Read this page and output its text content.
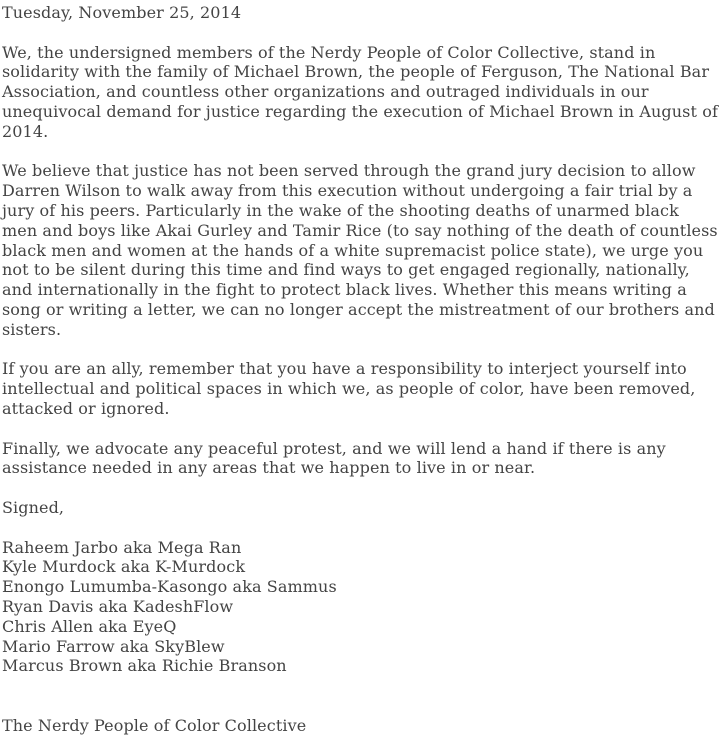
Tuesday, November 25, 2014

We, the undersigned members of the Nerdy People of Color Collective, stand in solidarity with the family of Michael Brown, the people of Ferguson, The National Bar Association, and countless other organizations and outraged individuals in our unequivocal demand for justice regarding the execution of Michael Brown in August of 2014.

We believe that justice has not been served through the grand jury decision to allow Darren Wilson to walk away from this execution without undergoing a fair trial by a jury of his peers. Particularly in the wake of the shooting deaths of unarmed black men and boys like Akai Gurley and Tamir Rice (to say nothing of the death of countless black men and women at the hands of a white supremacist police state), we urge you not to be silent during this time and find ways to get engaged regionally, nationally, and internationally in the fight to protect black lives. Whether this means writing a song or writing a letter, we can no longer accept the mistreatment of our brothers and sisters.

If you are an ally, remember that you have a responsibility to interject yourself into intellectual and political spaces in which we, as people of color, have been removed, attacked or ignored.

Finally, we advocate any peaceful protest, and we will lend a hand if there is any assistance needed in any areas that we happen to live in or near.

Signed,

Raheem Jarbo aka Mega Ran
Kyle Murdock aka K-Murdock
Enongo Lumumba-Kasongo aka Sammus
Ryan Davis aka KadeshFlow
Chris Allen aka EyeQ
Mario Farrow aka SkyBlew
Marcus Brown aka Richie Branson
The Nerdy People of Color Collective
